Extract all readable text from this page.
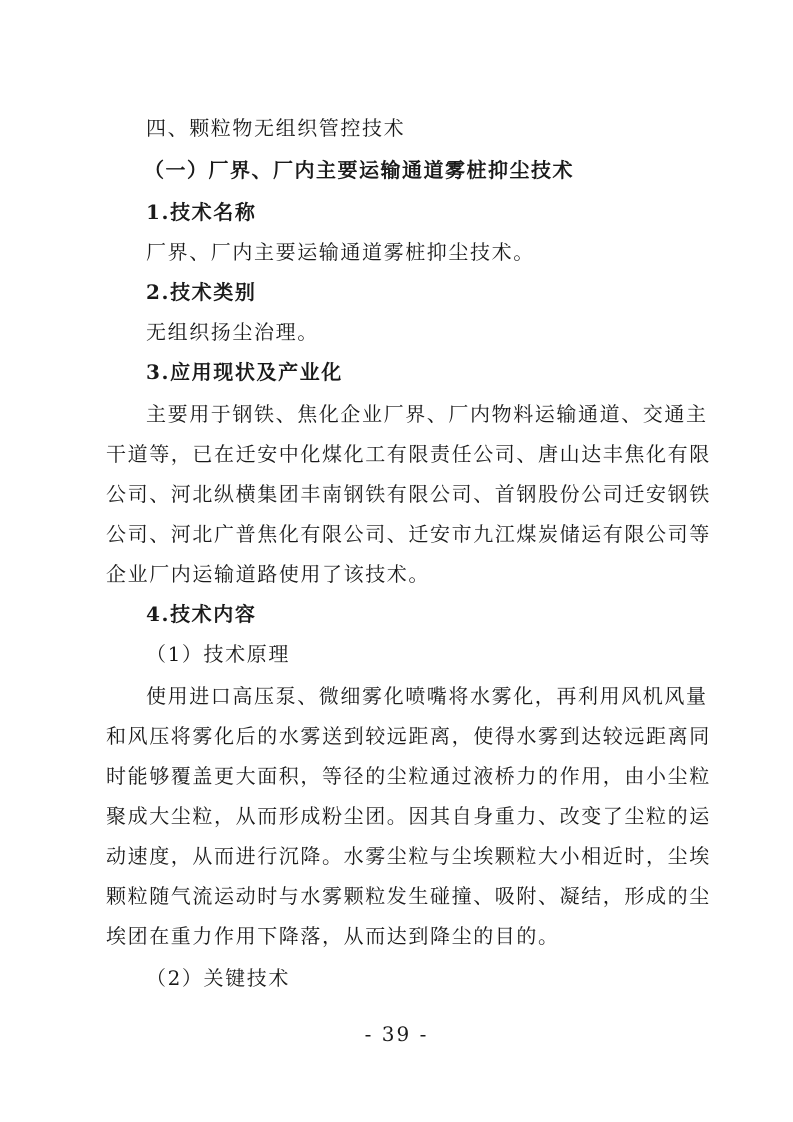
四、颗粒物无组织管控技术
（一）厂界、厂内主要运输通道雾桩抑尘技术
1.技术名称
厂界、厂内主要运输通道雾桩抑尘技术。
2.技术类别
无组织扬尘治理。
3.应用现状及产业化
主要用于钢铁、焦化企业厂界、厂内物料运输通道、交通主
干道等，已在迁安中化煤化工有限责任公司、唐山达丰焦化有限
公司、河北纵横集团丰南钢铁有限公司、首钢股份公司迁安钢铁
公司、河北广普焦化有限公司、迁安市九江煤炭储运有限公司等
企业厂内运输道路使用了该技术。
4.技术内容
（1）技术原理
使用进口高压泵、微细雾化喷嘴将水雾化，再利用风机风量
和风压将雾化后的水雾送到较远距离，使得水雾到达较远距离同
时能够覆盖更大面积，等径的尘粒通过液桥力的作用，由小尘粒
聚成大尘粒，从而形成粉尘团。因其自身重力、改变了尘粒的运
动速度，从而进行沉降。水雾尘粒与尘埃颗粒大小相近时，尘埃
颗粒随气流运动时与水雾颗粒发生碰撞、吸附、凝结，形成的尘
埃团在重力作用下降落，从而达到降尘的目的。
（2）关键技术
- 39 -
